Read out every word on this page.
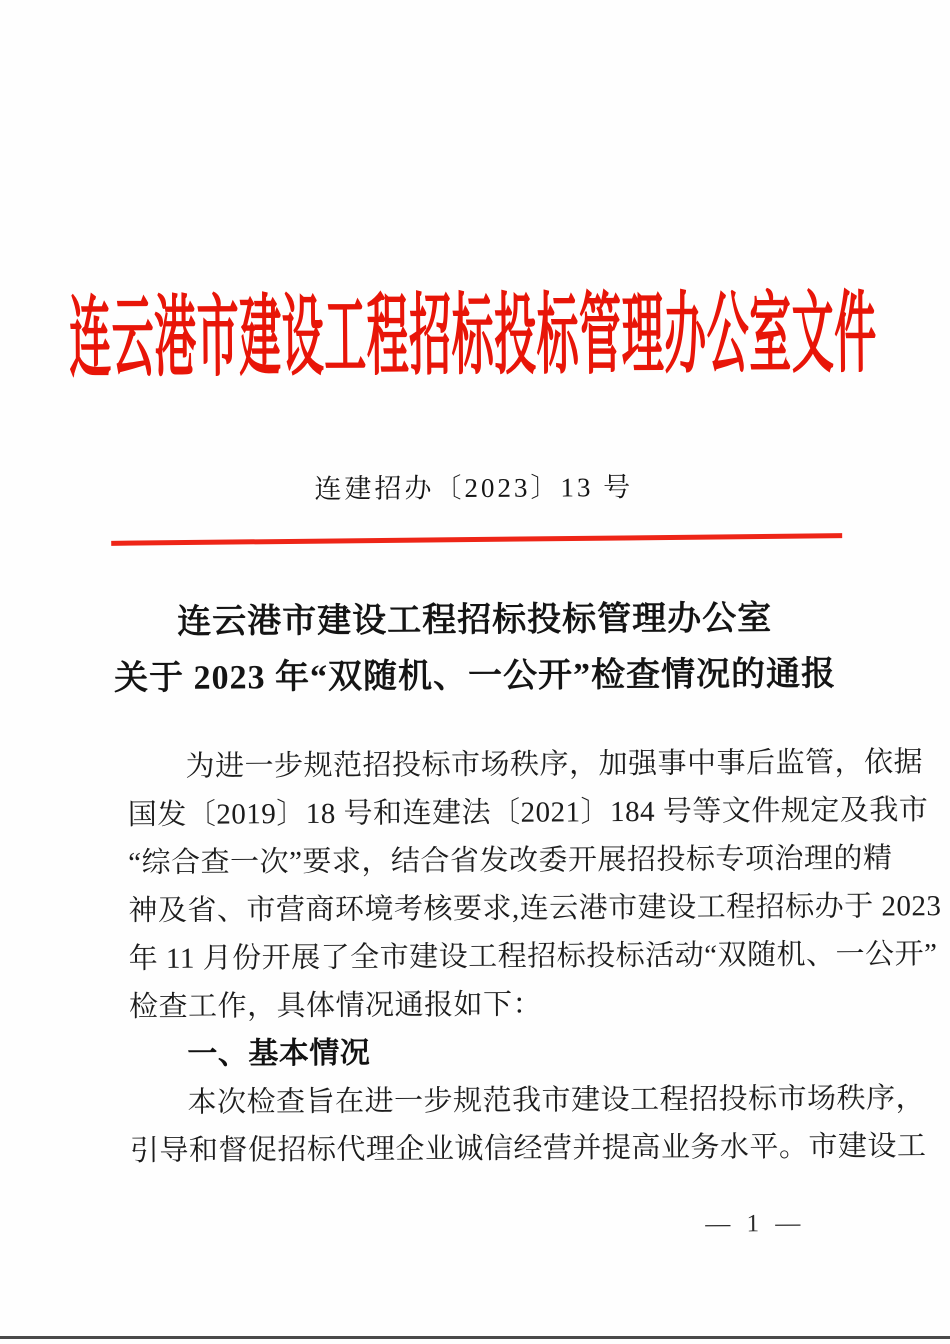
连云港市建设工程招标投标管理办公室文件
连建招办〔2023〕13 号
连云港市建设工程招标投标管理办公室
关于 2023 年“双随机、一公开”检查情况的通报
为进一步规范招投标市场秩序，加强事中事后监管，依据
国发〔2019〕18 号和连建法〔2021〕184 号等文件规定及我市
“综合查一次”要求，结合省发改委开展招投标专项治理的精
神及省、市营商环境考核要求,连云港市建设工程招标办于 2023
年 11 月份开展了全市建设工程招标投标活动“双随机、一公开”
检查工作，具体情况通报如下：
一、基本情况
本次检查旨在进一步规范我市建设工程招投标市场秩序，
引导和督促招标代理企业诚信经营并提高业务水平。市建设工
— 1 —
